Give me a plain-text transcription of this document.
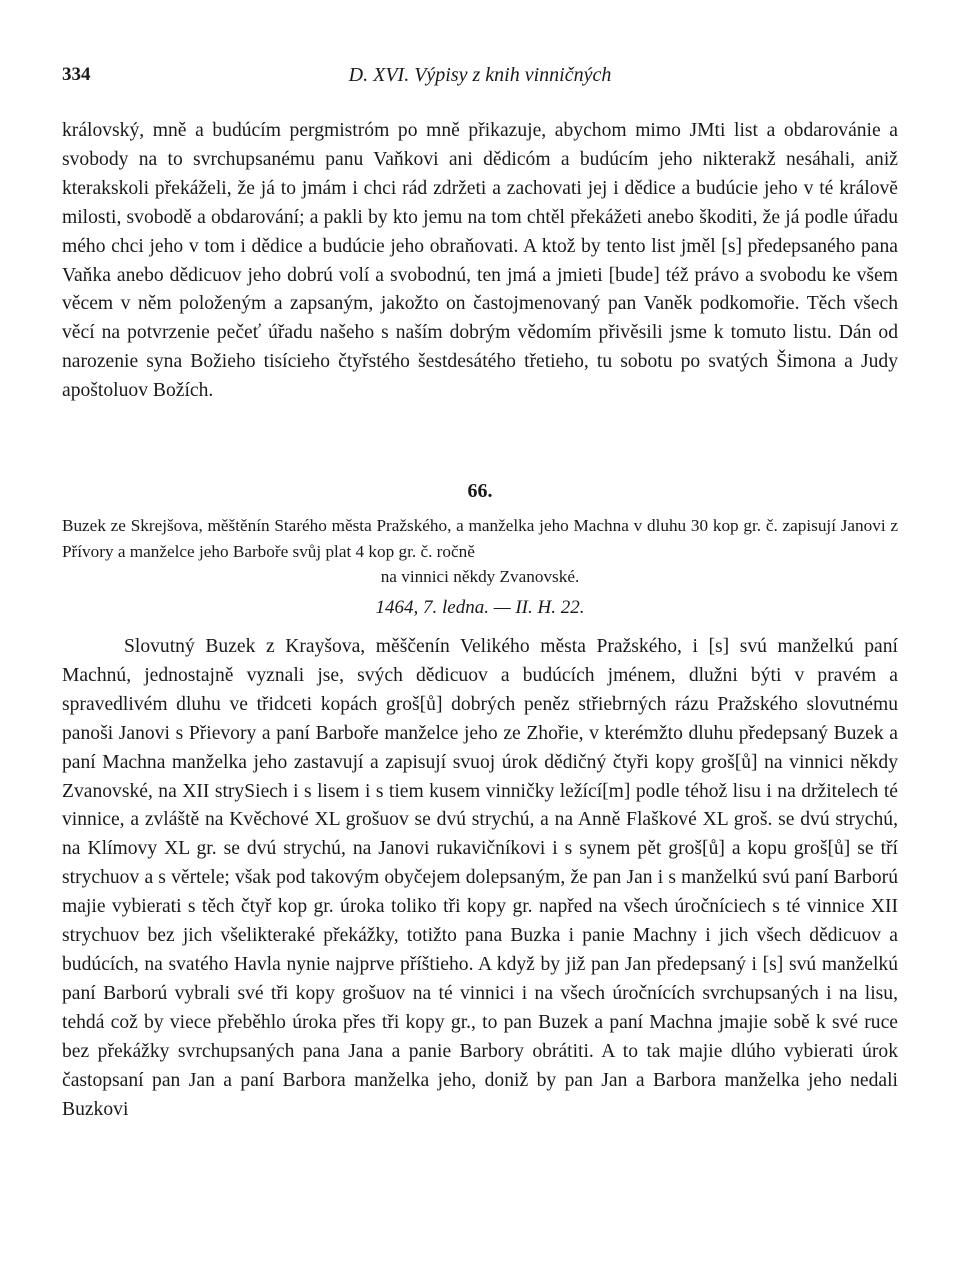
334	D. XVI. Výpisy z knih vinničných

královský, mně a budúcím pergmistróm po mně přikazuje, abychom mimo JMti list a obdarovánie a svobody na to svrchupsanému panu Vaňkovi ani dědicóm a budúcím jeho nikterakž nesáhali, aniž kterakskoli překáželi, že já to jmám i chci rád zdržeti a zachovati jej i dědice a budúcie jeho v té královĕ milosti, svobodě a obdarování; a pakli by kto jemu na tom chtěl překážeti anebo škoditi, že já podle úřadu mého chci jeho v tom i dědice a budúcie jeho obraňovati. A ktož by tento list jměl [s] předepsaného pana Vaňka anebo dědicuov jeho dobrú volí a svobodnú, ten jmá a jmieti [bude] též právo a svobodu ke všem věcem v něm položeným a zapsaným, jakožto on častojmenovaný pan Vaněk podkomořie. Těch všech věcí na potvrzenie pečeť úřadu našeho s naším dobrým vědomím přivěsili jsme k tomuto listu. Dán od narozenie syna Božieho tisícieho čtyřstého šestdesátého třetieho, tu sobotu po svatých Šimona a Judy apoštoluov Božích.

66.

Buzek ze Skrejšova, měštěnín Starého města Pražského, a manželka jeho Machna v dluhu 30 kop gr. č. zapisují Janovi z Přívory a manželce jeho Barboře svůj plat 4 kop gr. č. ročně
na vinnici někdy Zvanovské.

1464, 7. ledna. — II. H. 22.

Slovutný Buzek z Krayšova, měščenín Velikého města Pražského, i [s] svú manželkú paní Machnú, jednostajně vyznali jse, svých dědicuov a budúcích jménem, dlužni býti v pravém a spravedlivém dluhu ve třidceti kopách groš[ů] dobrých peněz střiebrných rázu Pražského slovutnému panoši Janovi s Přievory a paní Barboře manželce jeho ze Zhořie, v kterémžto dluhu předepsaný Buzek a paní Machna manželka jeho zastavují a zapisují svuoj úrok dědičný čtyři kopy groš[ů] na vinnici někdy Zvanovské, na XII strySiech i s lisem i s tiem kusem vinničky ležící[m] podle téhož lisu i na držitelech té vinnice, a zvláště na Kvěchové XL grošuov se dvú strychú, a na Anně Flaškové XL groš. se dvú strychú, na Klímovy XL gr. se dvú strychú, na Janovi rukavičníkovi i s synem pět groš[ů] a kopu groš[ů] se tří strychuov a s věrtele; však pod takovým obyčejem dolepsaným, že pan Jan i s manželkú svú paní Barború majie vybierati s těch čtyř kop gr. úroka toliko tři kopy gr. napřed na všech úročníciech s té vinnice XII strychuov bez jich všelikteraké překážky, totižto pana Buzka i panie Machny i jich všech dědicuov a budúcích, na svatého Havla nynie najprve příštieho. A když by již pan Jan předepsaný i [s] svú manželkú paní Barború vybrali své tři kopy grošuov na té vinnici i na všech úročnících svrchupsaných i na lisu, tehdá což by viece přeběhlo úroka přes tři kopy gr., to pan Buzek a paní Machna jmajie sobě k své ruce bez překážky svrchupsaných pana Jana a panie Barbory obrátiti. A to tak majie dlúho vybierati úrok častopsaní pan Jan a paní Barbora manželka jeho, doniž by pan Jan a Barbora manželka jeho nedali Buzkovi
